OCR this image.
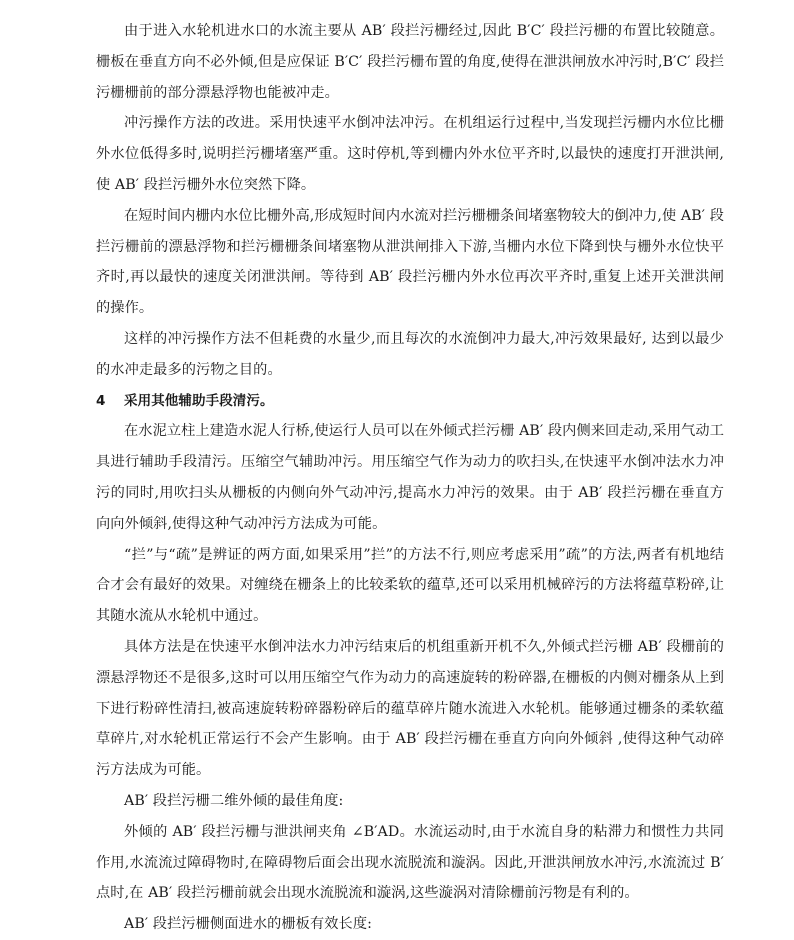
由于进入水轮机进水口的水流主要从 AB′ 段拦污栅经过,因此 B′C′ 段拦污栅的布置比较随意。栅板在垂直方向不必外倾,但是应保证 B′C′ 段拦污栅布置的角度,使得在泄洪闸放水冲污时,B′C′ 段拦污栅栅前的部分漂悬浮物也能被冲走。

冲污操作方法的改进。采用快速平水倒冲法冲污。在机组运行过程中,当发现拦污栅内水位比栅外水位低得多时,说明拦污栅堵塞严重。这时停机,等到栅内外水位平齐时,以最快的速度打开泄洪闸,使 AB′ 段拦污栅外水位突然下降。

在短时间内栅内水位比栅外高,形成短时间内水流对拦污栅栅条间堵塞物较大的倒冲力,使 AB′ 段拦污栅前的漂悬浮物和拦污栅栅条间堵塞物从泄洪闸排入下游,当栅内水位下降到快与栅外水位快平齐时,再以最快的速度关闭泄洪闸。等待到 AB′ 段拦污栅内外水位再次平齐时,重复上述开关泄洪闸的操作。

这样的冲污操作方法不但耗费的水量少,而且每次的水流倒冲力最大,冲污效果最好, 达到以最少的水冲走最多的污物之目的。

4 采用其他辅助手段清污。

在水泥立柱上建造水泥人行桥,使运行人员可以在外倾式拦污栅 AB′ 段内侧来回走动,采用气动工具进行辅助手段清污。压缩空气辅助冲污。用压缩空气作为动力的吹扫头,在快速平水倒冲法水力冲污的同时,用吹扫头从栅板的内侧向外气动冲污,提高水力冲污的效果。由于 AB′ 段拦污栅在垂直方向向外倾斜,使得这种气动冲污方法成为可能。

“拦”与“疏”是辨证的两方面,如果采用”拦”的方法不行,则应考虑采用”疏”的方法,两者有机地结合才会有最好的效果。对缠绕在栅条上的比较柔软的蕴草,还可以采用机械碎污的方法将蕴草粉碎,让其随水流从水轮机中通过。

具体方法是在快速平水倒冲法水力冲污结束后的机组重新开机不久,外倾式拦污栅 AB′ 段栅前的漂悬浮物还不是很多,这时可以用压缩空气作为动力的高速旋转的粉碎器,在栅板的内侧对栅条从上到下进行粉碎性清扫,被高速旋转粉碎器粉碎后的蕴草碎片随水流进入水轮机。能够通过栅条的柔软蕴草碎片,对水轮机正常运行不会产生影响。由于 AB′ 段拦污栅在垂直方向向外倾斜 ,使得这种气动碎污方法成为可能。

AB′ 段拦污栅二维外倾的最佳角度:

外倾的 AB′ 段拦污栅与泄洪闸夹角 ∠B′AD。水流运动时,由于水流自身的粘滞力和惯性力共同作用,水流流过障碍物时,在障碍物后面会出现水流脱流和漩涡。因此,开泄洪闸放水冲污,水流流过 B′ 点时,在 AB′ 段拦污栅前就会出现水流脱流和漩涡,这些漩涡对清除栅前污物是有利的。

AB′ 段拦污栅侧面进水的栅板有效长度:
